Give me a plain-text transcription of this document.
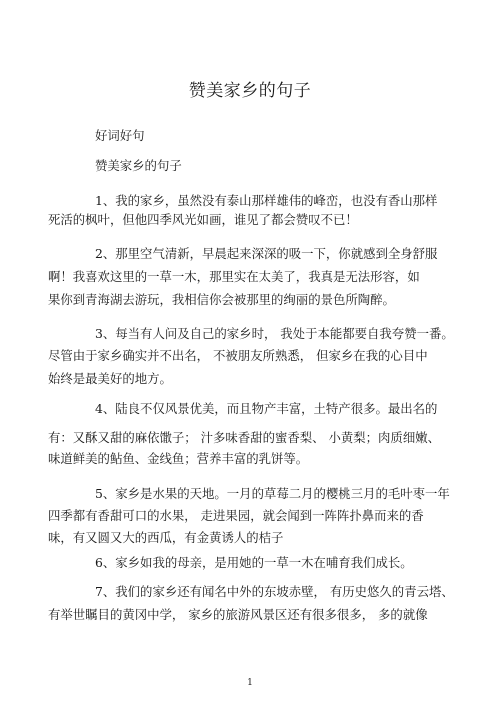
赞美家乡的句子
好词好句
赞美家乡的句子
1、我的家乡，虽然没有泰山那样雄伟的峰峦，也没有香山那样
死活的枫叶，但他四季风光如画，谁见了都会赞叹不已！
2、那里空气清新，早晨起来深深的吸一下，你就感到全身舒服
啊！我喜欢这里的一草一木，那里实在太美了，我真是无法形容，如
果你到青海湖去游玩，我相信你会被那里的绚丽的景色所陶醉。
3、每当有人问及自己的家乡时， 我处于本能都要自我夸赞一番。
尽管由于家乡确实并不出名， 不被朋友所熟悉， 但家乡在我的心目中
始终是最美好的地方。
4、陆良不仅风景优美，而且物产丰富，土特产很多。最出名的
有：又酥又甜的麻依馓子； 汁多味香甜的蜜香梨、 小黄梨；肉质细嫩、
味道鲜美的鲇鱼、金线鱼；营养丰富的乳饼等。
5、家乡是水果的天地。一月的草莓二月的樱桃三月的毛叶枣一年
四季都有香甜可口的水果， 走进果园，就会闻到一阵阵扑鼻而来的香
味，有又圆又大的西瓜，有金黄诱人的桔子
6、家乡如我的母亲，是用她的一草一木在哺育我们成长。
7、我们的家乡还有闻名中外的东坡赤壁， 有历史悠久的青云塔、
有举世瞩目的黄冈中学， 家乡的旅游风景区还有很多很多， 多的就像
1
